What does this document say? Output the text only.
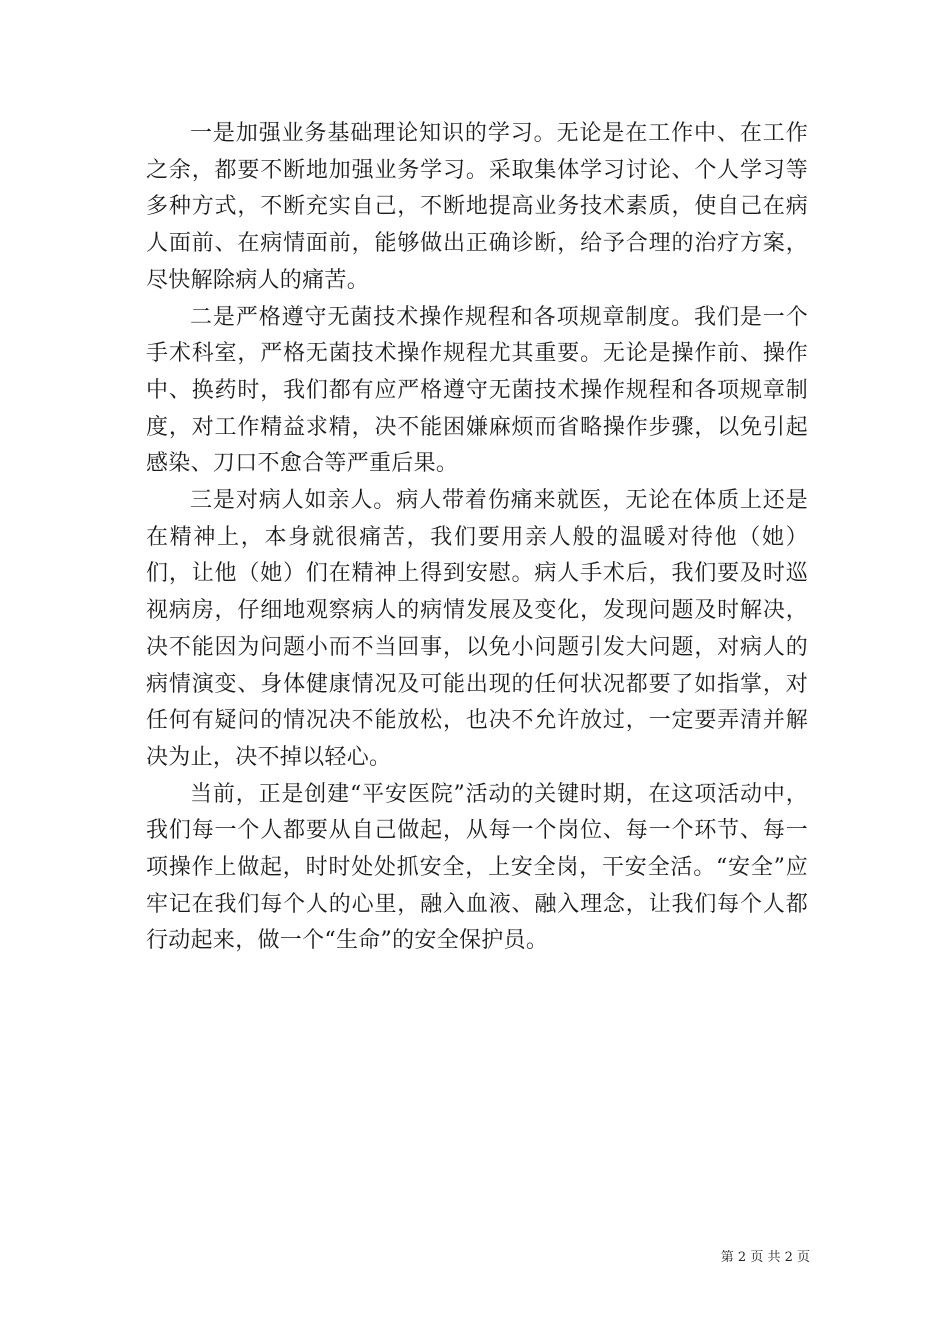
一是加强业务基础理论知识的学习。无论是在工作中、在工作之余，都要不断地加强业务学习。采取集体学习讨论、个人学习等多种方式，不断充实自己，不断地提高业务技术素质，使自己在病人面前、在病情面前，能够做出正确诊断，给予合理的治疗方案，尽快解除病人的痛苦。

二是严格遵守无菌技术操作规程和各项规章制度。我们是一个手术科室，严格无菌技术操作规程尤其重要。无论是操作前、操作中、换药时，我们都有应严格遵守无菌技术操作规程和各项规章制度，对工作精益求精，决不能困嫌麻烦而省略操作步骤，以免引起感染、刀口不愈合等严重后果。

三是对病人如亲人。病人带着伤痛来就医，无论在体质上还是在精神上，本身就很痛苦，我们要用亲人般的温暖对待他（她）们，让他（她）们在精神上得到安慰。病人手术后，我们要及时巡视病房，仔细地观察病人的病情发展及变化，发现问题及时解决，决不能因为问题小而不当回事，以免小问题引发大问题，对病人的病情演变、身体健康情况及可能出现的任何状况都要了如指掌，对任何有疑问的情况决不能放松，也决不允许放过，一定要弄清并解决为止，决不掉以轻心。

当前，正是创建“平安医院”活动的关键时期，在这项活动中，我们每一个人都要从自己做起，从每一个岗位、每一个环节、每一项操作上做起，时时处处抓安全，上安全岗，干安全活。“安全”应牢记在我们每个人的心里，融入血液、融入理念，让我们每个人都行动起来，做一个“生命”的安全保护员。

第 2 页 共 2 页
